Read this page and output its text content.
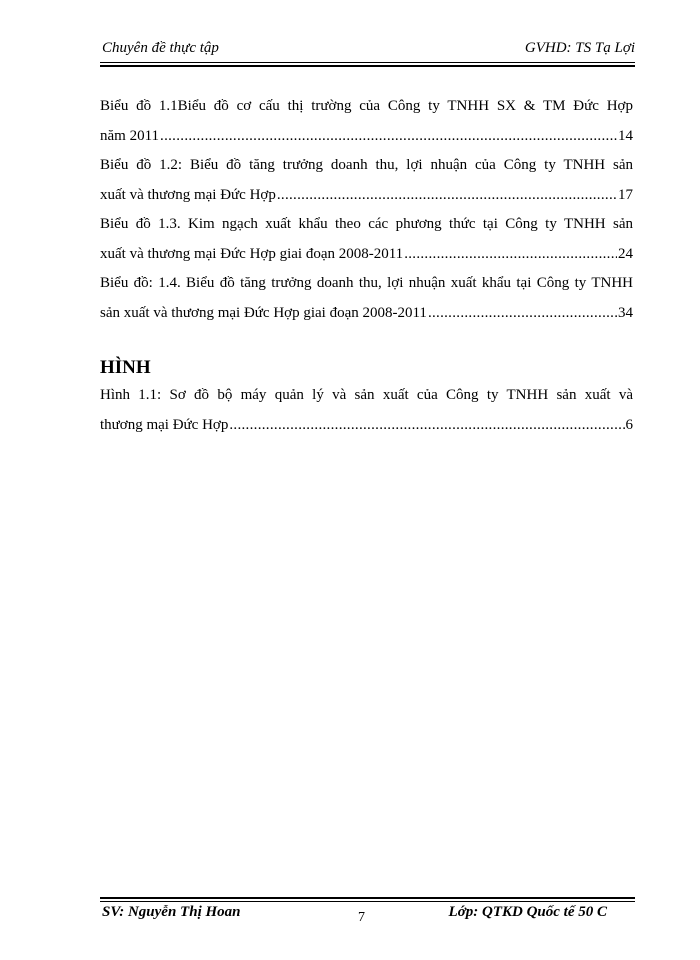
Chuyên đề thực tập	GVHD: TS Tạ Lợi
Biểu đồ 1.1Biểu đồ cơ cấu thị trường của Công ty TNHH SX & TM Đức Hợp
năm 2011 .....	14
Biểu đồ 1.2: Biểu đồ tăng trưởng doanh thu, lợi nhuận của Công ty TNHH sản
xuất và thương mại Đức Hợp .....	17
Biểu đồ 1.3. Kim ngạch xuất khẩu theo các phương thức tại Công ty TNHH sản
xuất và thương mại Đức Hợp giai đoạn 2008-2011 .....	24
Biểu đồ: 1.4. Biểu đồ tăng trưởng doanh thu, lợi nhuận xuất khẩu tại Công ty TNHH
sản xuất và thương mại Đức Hợp giai đoạn 2008-2011 .....	34
HÌNH
Hình 1.1: Sơ đồ bộ máy quản lý và sản xuất của Công ty TNHH sản xuất và
thương mại Đức Hợp .....	6
SV: Nguyễn Thị Hoan	7	Lớp: QTKD Quốc tế 50 C
